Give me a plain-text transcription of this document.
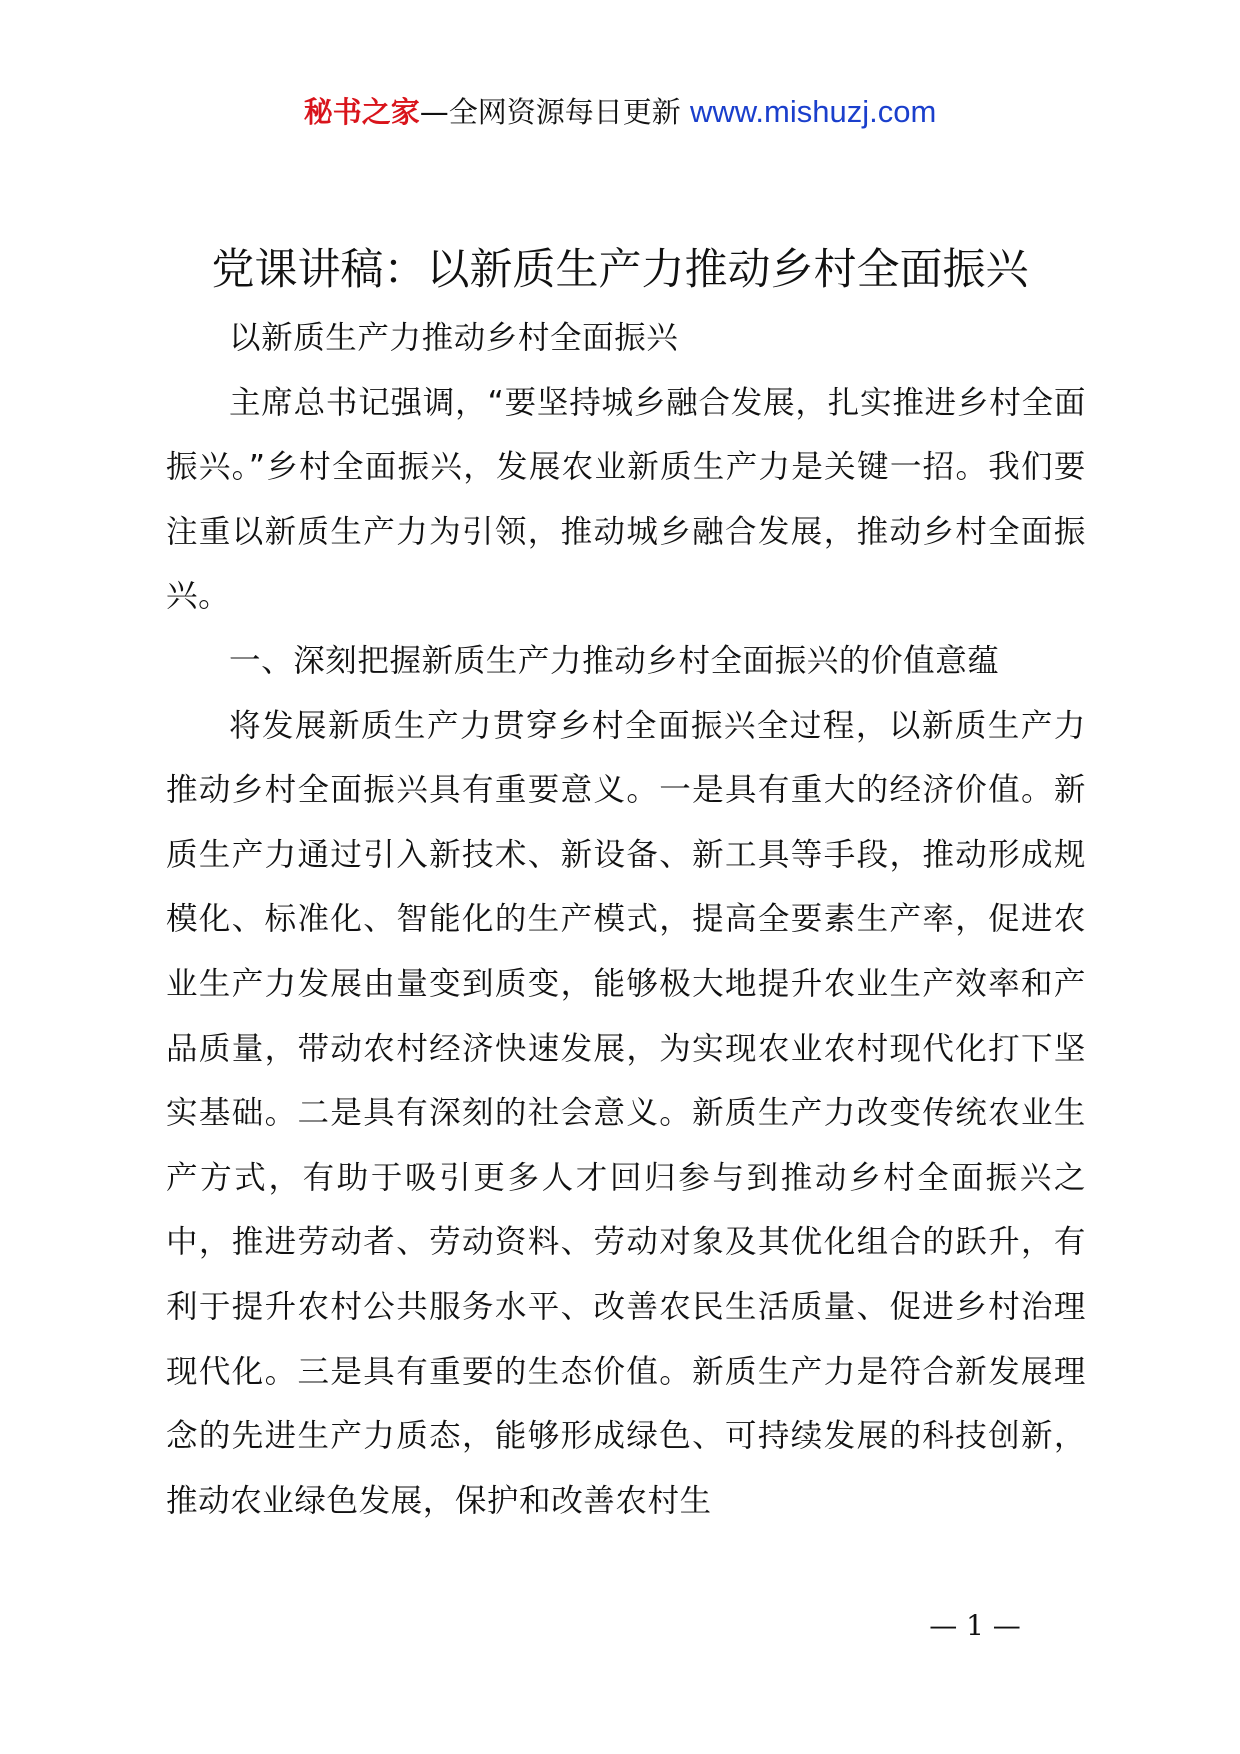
秘书之家—全网资源每日更新 www.mishuzj.com
党课讲稿：以新质生产力推动乡村全面振兴

以新质生产力推动乡村全面振兴

主席总书记强调，“要坚持城乡融合发展，扎实推进乡村全面振兴。”乡村全面振兴，发展农业新质生产力是关键一招。我们要注重以新质生产力为引领，推动城乡融合发展，推动乡村全面振兴。

一、深刻把握新质生产力推动乡村全面振兴的价值意蕴

将发展新质生产力贯穿乡村全面振兴全过程，以新质生产力推动乡村全面振兴具有重要意义。一是具有重大的经济价值。新质生产力通过引入新技术、新设备、新工具等手段，推动形成规模化、标准化、智能化的生产模式，提高全要素生产率，促进农业生产力发展由量变到质变，能够极大地提升农业生产效率和产品质量，带动农村经济快速发展，为实现农业农村现代化打下坚实基础。二是具有深刻的社会意义。新质生产力改变传统农业生产方式，有助于吸引更多人才回归参与到推动乡村全面振兴之中，推进劳动者、劳动资料、劳动对象及其优化组合的跃升，有利于提升农村公共服务水平、改善农民生活质量、促进乡村治理现代化。三是具有重要的生态价值。新质生产力是符合新发展理念的先进生产力质态，能够形成绿色、可持续发展的科技创新，推动农业绿色发展，保护和改善农村生

— 1 —
